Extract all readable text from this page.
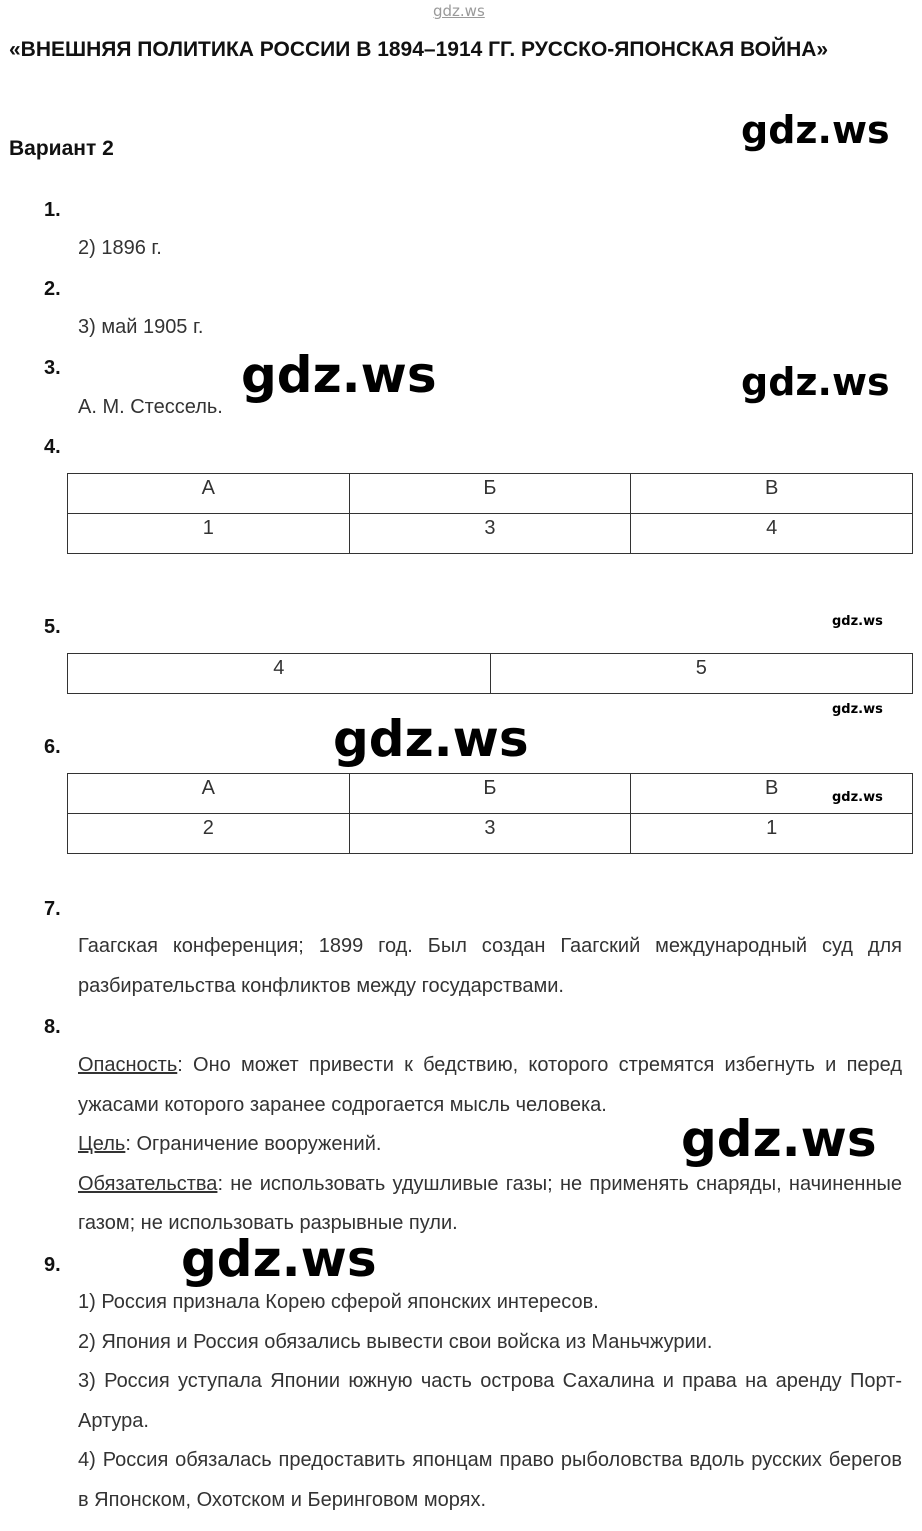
gdz.ws
«ВНЕШНЯЯ ПОЛИТИКА РОССИИ В 1894–1914 ГГ. РУССКО-ЯПОНСКАЯ ВОЙНА»
Вариант 2
1.
2) 1896 г.
2.
3) май 1905 г.
3.
А. М. Стессель.
4.
А	Б	В
1	3	4
5.
4	5
6.
А	Б	В
2	3	1
7.

Гаагская конференция; 1899 год. Был создан Гаагский международный суд для разбирательства конфликтов между государствами.

8.

Опасность: Оно может привести к бедствию, которого стремятся избегнуть и перед ужасами которого заранее содрогается мысль человека.

Цель: Ограничение вооружений.

Обязательства: не использовать удушливые газы; не применять снаряды, начиненные газом; не использовать разрывные пули.

9.

1) Россия признала Корею сферой японских интересов.

2) Япония и Россия обязались вывести свои войска из Маньчжурии.

3) Россия уступала Японии южную часть острова Сахалина и права на аренду Порт-Артура.

4) Россия обязалась предоставить японцам право рыболовства вдоль русских берегов в Японском, Охотском и Беринговом морях.

gdz.ws
gdz.ws	gdz.ws
gdz.ws
gdz.ws
gdz.ws
gdz.ws
gdz.ws
gdz.ws
